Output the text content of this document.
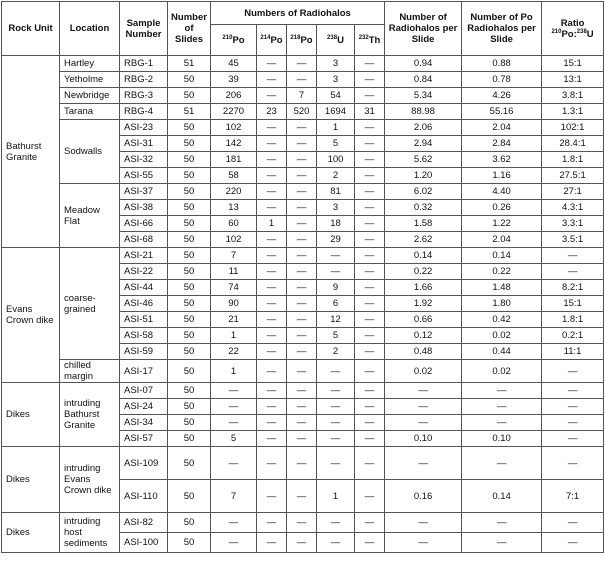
Rock Unit	Location	Sample Number	Number of Slides	Numbers of Radiohalos					Number of Radiohalos per Slide	Number of Po Radiohalos per Slide	Ratio
$^{210}$Po:$^{238}$U
				$^{210}$Po	$^{214}$Po	$^{218}$Po	$^{238}$U	$^{232}$Th			
Bathurst Granite	Hartley	RBG-1	51	45	—	—	3	—	0.94	0.88	15:1
	Yetholme	RBG-2	50	39	—	—	3	—	0.84	0.78	13:1
	Newbridge	RBG-3	50	206	—	7	54	—	5.34	4.26	3.8:1
	Tarana	RBG-4	51	2270	23	520	1694	31	88.98	55.16	1.3:1
	Sodwalls	ASI-23	50	102	—	—	1	—	2.06	2.04	102:1
		ASI-31	50	142	—	—	5	—	2.94	2.84	28.4:1
		ASI-32	50	181	—	—	100	—	5.62	3.62	1.8:1
		ASI-55	50	58	—	—	2	—	1.20	1.16	27.5:1
	Meadow Flat	ASI-37	50	220	—	—	81	—	6.02	4.40	27:1
		ASI-38	50	13	—	—	3	—	0.32	0.26	4.3:1
		ASI-66	50	60	1	—	18	—	1.58	1.22	3.3:1
		ASI-68	50	102	—	—	29	—	2.62	2.04	3.5:1
Evans Crown dike	coarse-grained	ASI-21	50	7	—	—	—	—	0.14	0.14	—
		ASI-22	50	11	—	—	—	—	0.22	0.22	—
		ASI-44	50	74	—	—	9	—	1.66	1.48	8.2:1
		ASI-46	50	90	—	—	6	—	1.92	1.80	15:1
		ASI-51	50	21	—	—	12	—	0.66	0.42	1.8:1
		ASI-58	50	1	—	—	5	—	0.12	0.02	0.2:1
		ASI-59	50	22	—	—	2	—	0.48	0.44	11:1
	chilled margin	ASI-17	50	1	—	—	—	—	0.02	0.02	—
Dikes	intruding Bathurst Granite	ASI-07	50	—	—	—	—	—	—	—	—
		ASI-24	50	—	—	—	—	—	—	—	—
		ASI-34	50	—	—	—	—	—	—	—	—
		ASI-57	50	5	—	—	—	—	0.10	0.10	—
Dikes	intruding Evans Crown dike	ASI-109	50	—	—	—	—	—	—	—	—
		ASI-110	50	7	—	—	1	—	0.16	0.14	7:1
Dikes	intruding host sediments	ASI-82	50	—	—	—	—	—	—	—	—
		ASI-100	50	—	—	—	—	—	—	—	—
